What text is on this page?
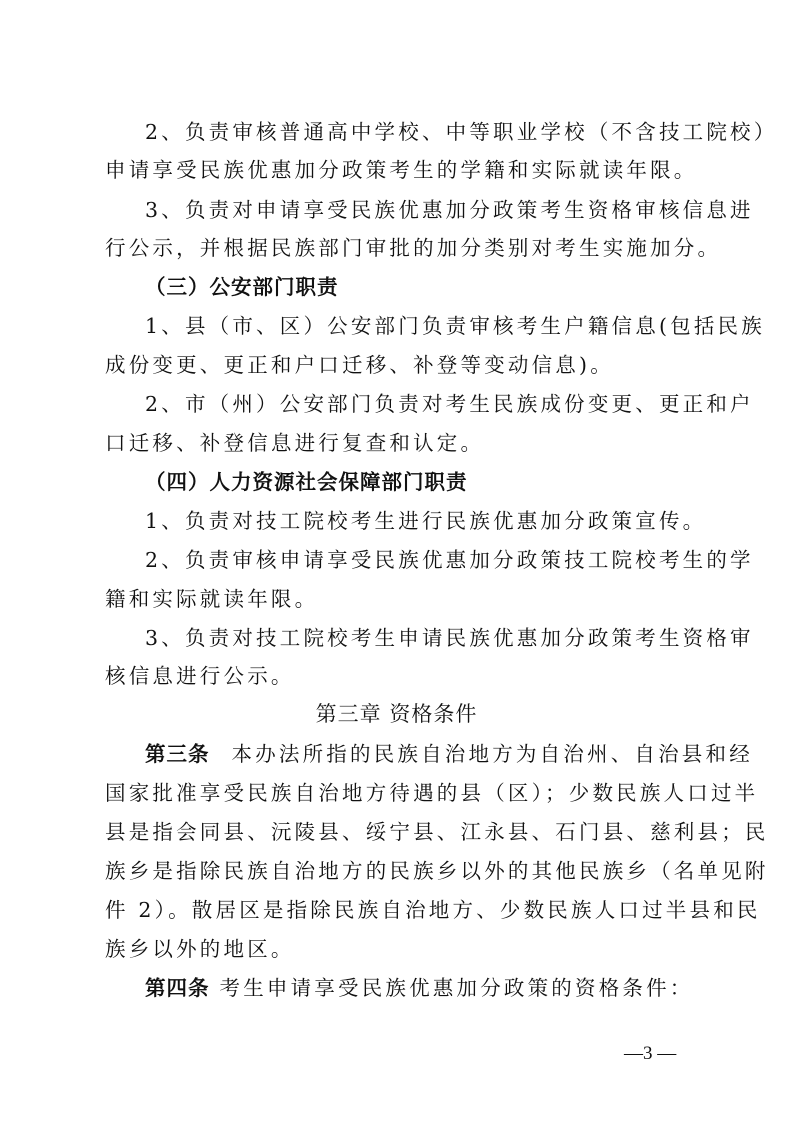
2、负责审核普通高中学校、中等职业学校（不含技工院校）
申请享受民族优惠加分政策考生的学籍和实际就读年限。
3、负责对申请享受民族优惠加分政策考生资格审核信息进
行公示，并根据民族部门审批的加分类别对考生实施加分。
（三）公安部门职责
1、县（市、区）公安部门负责审核考生户籍信息(包括民族
成份变更、更正和户口迁移、补登等变动信息)。
2、市（州）公安部门负责对考生民族成份变更、更正和户
口迁移、补登信息进行复查和认定。
（四）人力资源社会保障部门职责
1、负责对技工院校考生进行民族优惠加分政策宣传。
2、负责审核申请享受民族优惠加分政策技工院校考生的学
籍和实际就读年限。
3、负责对技工院校考生申请民族优惠加分政策考生资格审
核信息进行公示。
第三章 资格条件
第三条 本办法所指的民族自治地方为自治州、自治县和经
国家批准享受民族自治地方待遇的县（区）；少数民族人口过半
县是指会同县、沅陵县、绥宁县、江永县、石门县、慈利县；民
族乡是指除民族自治地方的民族乡以外的其他民族乡（名单见附
件 2）。散居区是指除民族自治地方、少数民族人口过半县和民
族乡以外的地区。
第四条 考生申请享受民族优惠加分政策的资格条件：
—3 —
